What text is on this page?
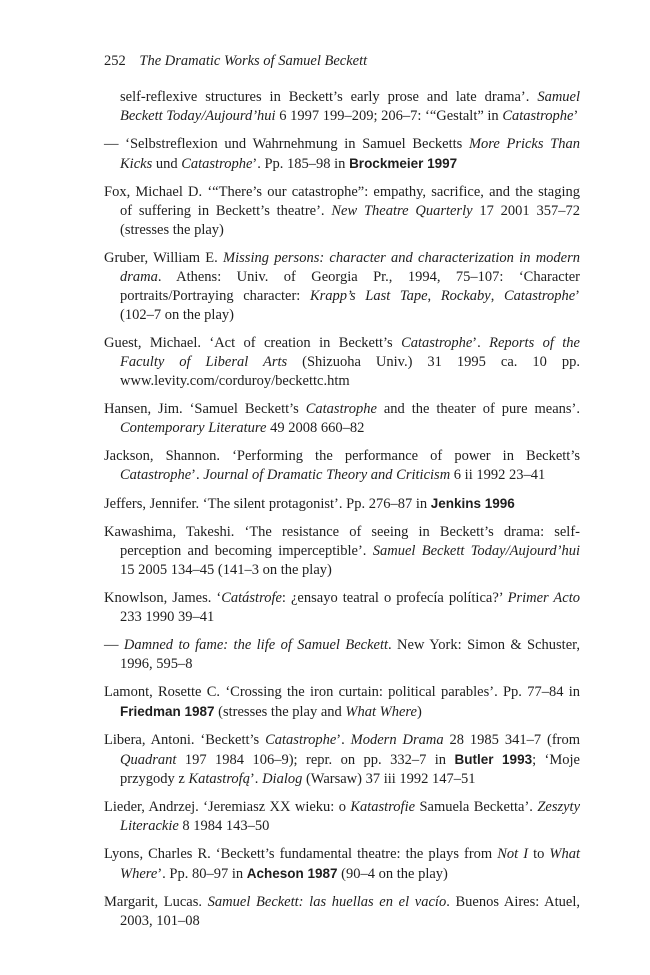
252 The Dramatic Works of Samuel Beckett
self-reflexive structures in Beckett’s early prose and late drama’. Samuel Beckett Today/Aujourd’hui 6 1997 199–209; 206–7: ‘“Gestalt” in Catastrophe’
— ‘Selbstreflexion und Wahrnehmung in Samuel Becketts More Pricks Than Kicks und Catastrophe’. Pp. 185–98 in Brockmeier 1997
Fox, Michael D. ‘“There’s our catastrophe”: empathy, sacrifice, and the staging of suffering in Beckett’s theatre’. New Theatre Quarterly 17 2001 357–72 (stresses the play)
Gruber, William E. Missing persons: character and characterization in modern drama. Athens: Univ. of Georgia Pr., 1994, 75–107: ‘Character portraits/Portraying character: Krapp’s Last Tape, Rockaby, Catastrophe’ (102–7 on the play)
Guest, Michael. ‘Act of creation in Beckett’s Catastrophe’. Reports of the Faculty of Liberal Arts (Shizuoha Univ.) 31 1995 ca. 10 pp. www.levity.com/corduroy/beckettc.htm
Hansen, Jim. ‘Samuel Beckett’s Catastrophe and the theater of pure means’. Contemporary Literature 49 2008 660–82
Jackson, Shannon. ‘Performing the performance of power in Beckett’s Catastrophe’. Journal of Dramatic Theory and Criticism 6 ii 1992 23–41
Jeffers, Jennifer. ‘The silent protagonist’. Pp. 276–87 in Jenkins 1996
Kawashima, Takeshi. ‘The resistance of seeing in Beckett’s drama: self-perception and becoming imperceptible’. Samuel Beckett Today/Aujourd’hui 15 2005 134–45 (141–3 on the play)
Knowlson, James. ‘Catástrofe: ¿ensayo teatral o profecía política?’ Primer Acto 233 1990 39–41
— Damned to fame: the life of Samuel Beckett. New York: Simon & Schuster, 1996, 595–8
Lamont, Rosette C. ‘Crossing the iron curtain: political parables’. Pp. 77–84 in Friedman 1987 (stresses the play and What Where)
Libera, Antoni. ‘Beckett’s Catastrophe’. Modern Drama 28 1985 341–7 (from Quadrant 197 1984 106–9); repr. on pp. 332–7 in Butler 1993; ‘Moje przygody z Katastrofą’. Dialog (Warsaw) 37 iii 1992 147–51
Lieder, Andrzej. ‘Jeremiasz XX wieku: o Katastrofie Samuela Becketta’. Zeszyty Literackie 8 1984 143–50
Lyons, Charles R. ‘Beckett’s fundamental theatre: the plays from Not I to What Where’. Pp. 80–97 in Acheson 1987 (90–4 on the play)
Margarit, Lucas. Samuel Beckett: las huellas en el vacío. Buenos Aires: Atuel, 2003, 101–08
